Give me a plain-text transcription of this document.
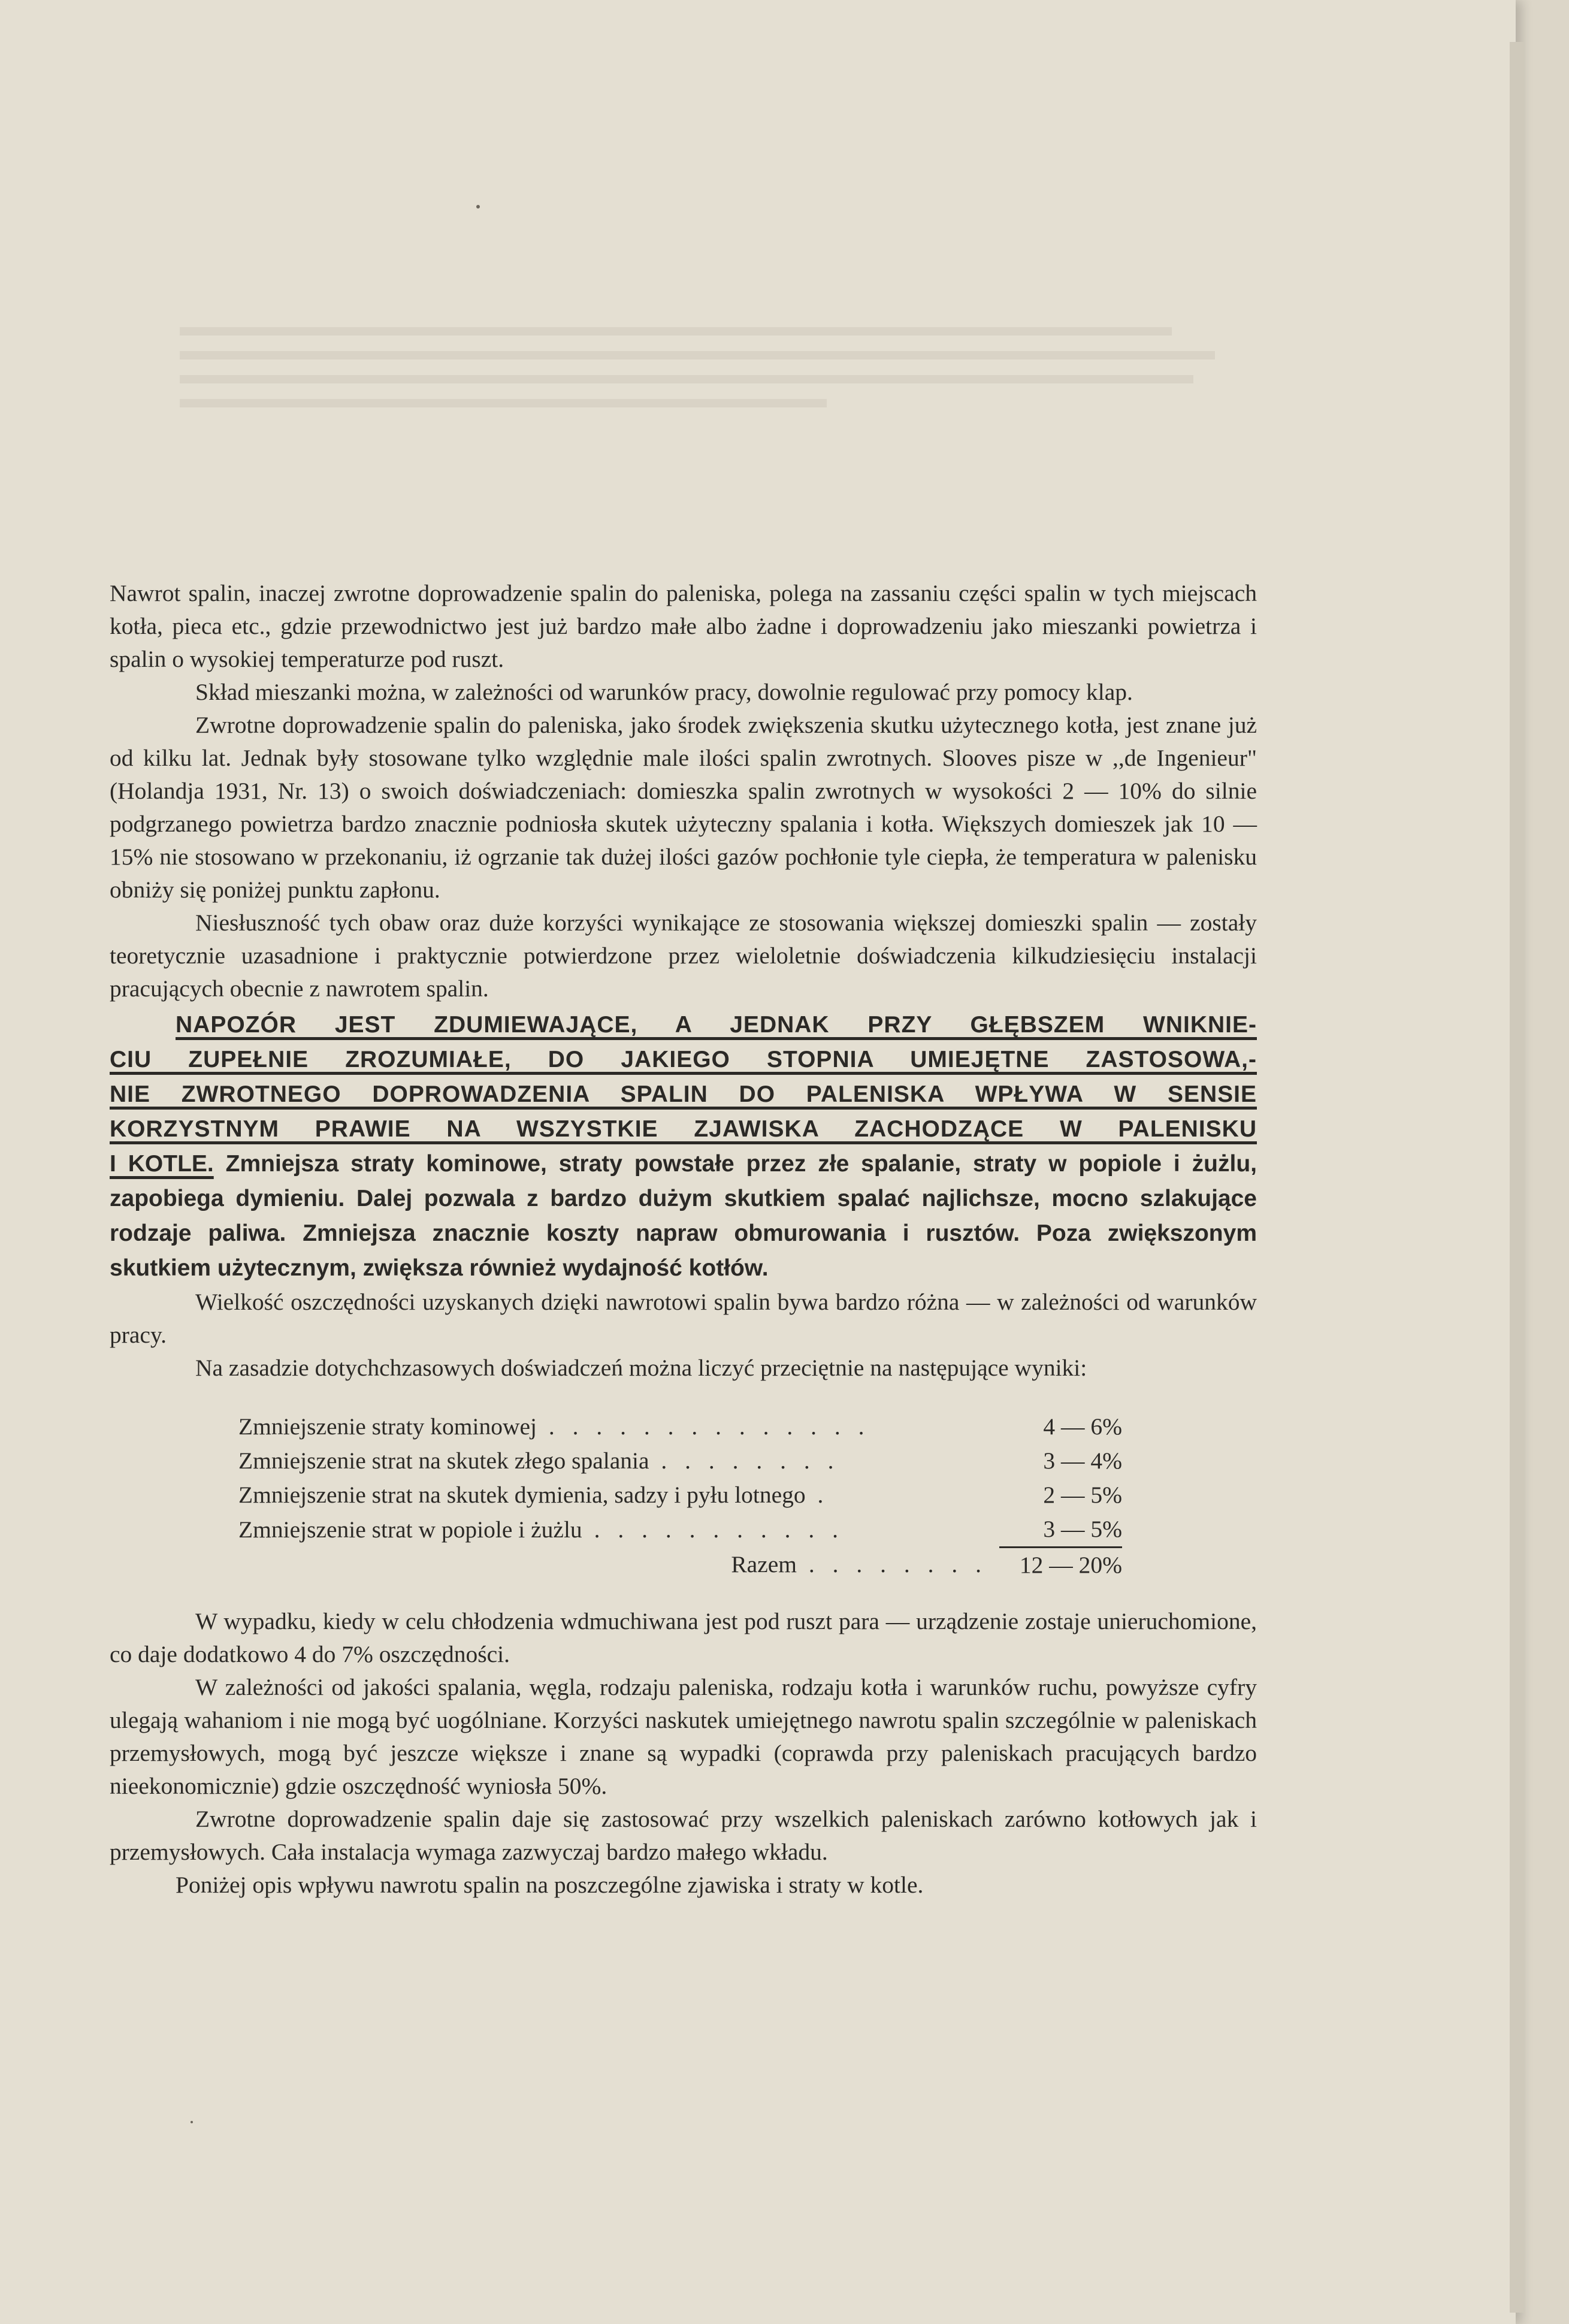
Nawrot spalin, inaczej zwrotne doprowadzenie spalin do paleniska, polega na zassaniu części spalin w tych miejscach kotła, pieca etc., gdzie przewodnictwo jest już bardzo małe albo żadne i doprowadzeniu jako mieszanki powietrza i spalin o wysokiej temperaturze pod ruszt.

Skład mieszanki można, w zależności od warunków pracy, dowolnie regulować przy pomocy klap.

Zwrotne doprowadzenie spalin do paleniska, jako środek zwiększenia skutku użytecznego kotła, jest znane już od kilku lat. Jednak były stosowane tylko względnie male ilości spalin zwrotnych. Slooves pisze w ,,de Ingenieur" (Holandja 1931, Nr. 13) o swoich doświadczeniach: domieszka spalin zwrotnych w wysokości 2 — 10% do silnie podgrzanego powietrza bardzo znacznie podniosła skutek użyteczny spalania i kotła. Większych domieszek jak 10 — 15% nie stosowano w przekonaniu, iż ogrzanie tak dużej ilości gazów pochłonie tyle ciepła, że temperatura w palenisku obniży się poniżej punktu zapłonu.

Niesłuszność tych obaw oraz duże korzyści wynikające ze stosowania większej domieszki spalin — zostały teoretycznie uzasadnione i praktycznie potwierdzone przez wieloletnie doświadczenia kilkudziesięciu instalacji pracujących obecnie z nawrotem spalin.

NAPOZÓR JEST ZDUMIEWAJĄCE, A JEDNAK PRZY GŁĘBSZEM WNIKNIE-
CIU ZUPEŁNIE ZROZUMIAŁE, DO JAKIEGO STOPNIA UMIEJĘTNE ZASTOSOWA,-
NIE ZWROTNEGO DOPROWADZENIA SPALIN DO PALENISKA WPŁYWA W SENSIE
KORZYSTNYM PRAWIE NA WSZYSTKIE ZJAWISKA ZACHODZĄCE W PALENISKU
I KOTLE. Zmniejsza straty kominowe, straty powstałe przez złe spalanie, straty w popiole i żużlu, zapobiega dymieniu. Dalej pozwala z bardzo dużym skutkiem spalać najlichsze, mocno szlakujące rodzaje paliwa. Zmniejsza znacznie koszty napraw obmurowania i rusztów. Poza zwiększonym skutkiem użytecznym, zwiększa również wydajność kotłów.

Wielkość oszczędności uzyskanych dzięki nawrotowi spalin bywa bardzo różna — w zależności od warunków pracy.

Na zasadzie dotychchzasowych doświadczeń można liczyć przeciętnie na następujące wyniki:

Zmniejszenie straty kominowej . . . . . . . . . . . . . .	4 — 6%
Zmniejszenie strat na skutek złego spalania . . . . . . . .	3 — 4%
Zmniejszenie strat na skutek dymienia, sadzy i pyłu lotnego .	2 — 5%
Zmniejszenie strat w popiole i żużlu . . . . . . . . . . .	3 — 5%
Razem . . . . . . . .	12 — 20%

W wypadku, kiedy w celu chłodzenia wdmuchiwana jest pod ruszt para — urządzenie zostaje unieruchomione, co daje dodatkowo 4 do 7% oszczędności.

W zależności od jakości spalania, węgla, rodzaju paleniska, rodzaju kotła i warunków ruchu, powyższe cyfry ulegają wahaniom i nie mogą być uogólniane. Korzyści naskutek umiejętnego nawrotu spalin szczególnie w paleniskach przemysłowych, mogą być jeszcze większe i znane są wypadki (coprawda przy paleniskach pracujących bardzo nieekonomicznie) gdzie oszczędność wyniosła 50%.

Zwrotne doprowadzenie spalin daje się zastosować przy wszelkich paleniskach zarówno kotłowych jak i przemysłowych. Cała instalacja wymaga zazwyczaj bardzo małego wkładu.

Poniżej opis wpływu nawrotu spalin na poszczególne zjawiska i straty w kotle.
